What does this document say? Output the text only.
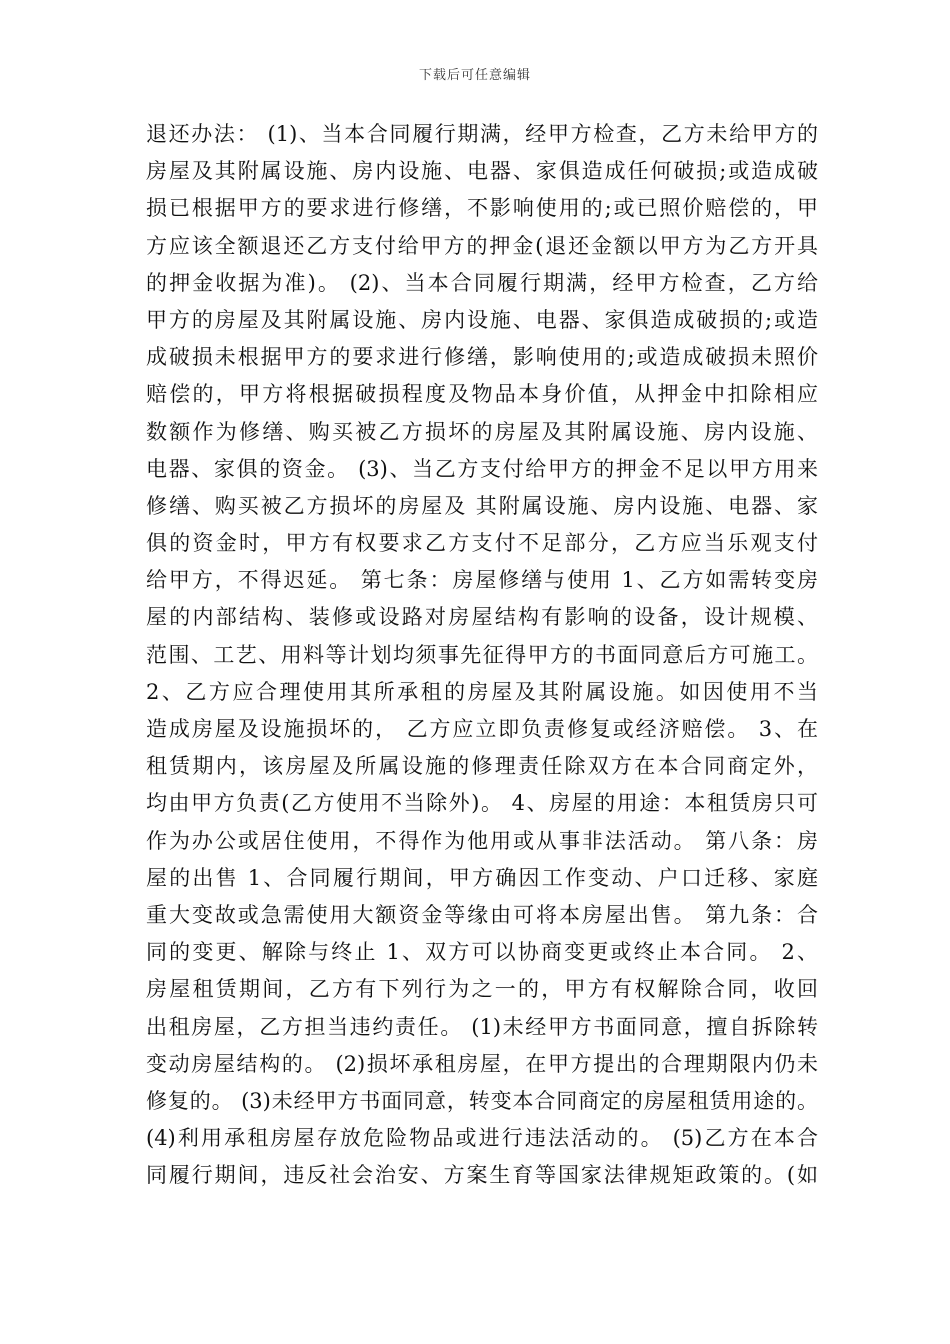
下载后可任意编辑
退还办法： (1)、当本合同履行期满，经甲方检查，乙方未给甲方的
房屋及其附属设施、房内设施、电器、家俱造成任何破损;或造成破
损已根据甲方的要求进行修缮，不影响使用的;或已照价赔偿的，甲
方应该全额退还乙方支付给甲方的押金(退还金额以甲方为乙方开具
的押金收据为准)。 (2)、当本合同履行期满，经甲方检查，乙方给
甲方的房屋及其附属设施、房内设施、电器、家俱造成破损的;或造
成破损未根据甲方的要求进行修缮，影响使用的;或造成破损未照价
赔偿的，甲方将根据破损程度及物品本身价值，从押金中扣除相应
数额作为修缮、购买被乙方损坏的房屋及其附属设施、房内设施、
电器、家俱的资金。 (3)、当乙方支付给甲方的押金不足以甲方用来
修缮、购买被乙方损坏的房屋及 其附属设施、房内设施、电器、家
俱的资金时，甲方有权要求乙方支付不足部分，乙方应当乐观支付
给甲方，不得迟延。 第七条：房屋修缮与使用 1、乙方如需转变房
屋的内部结构、装修或设路对房屋结构有影响的设备，设计规模、
范围、工艺、用料等计划均须事先征得甲方的书面同意后方可施工。
2、乙方应合理使用其所承租的房屋及其附属设施。如因使用不当
造成房屋及设施损坏的， 乙方应立即负责修复或经济赔偿。 3、在
租赁期内，该房屋及所属设施的修理责任除双方在本合同商定外，
均由甲方负责(乙方使用不当除外)。 4、房屋的用途：本租赁房只可
作为办公或居住使用，不得作为他用或从事非法活动。 第八条：房
屋的出售 1、合同履行期间，甲方确因工作变动、户口迁移、家庭
重大变故或急需使用大额资金等缘由可将本房屋出售。 第九条：合
同的变更、解除与终止 1、双方可以协商变更或终止本合同。 2、
房屋租赁期间，乙方有下列行为之一的，甲方有权解除合同，收回
出租房屋，乙方担当违约责任。 (1)未经甲方书面同意，擅自拆除转
变动房屋结构的。 (2)损坏承租房屋，在甲方提出的合理期限内仍未
修复的。 (3)未经甲方书面同意，转变本合同商定的房屋租赁用途的。
(4)利用承租房屋存放危险物品或进行违法活动的。 (5)乙方在本合
同履行期间，违反社会治安、方案生育等国家法律规矩政策的。(如
